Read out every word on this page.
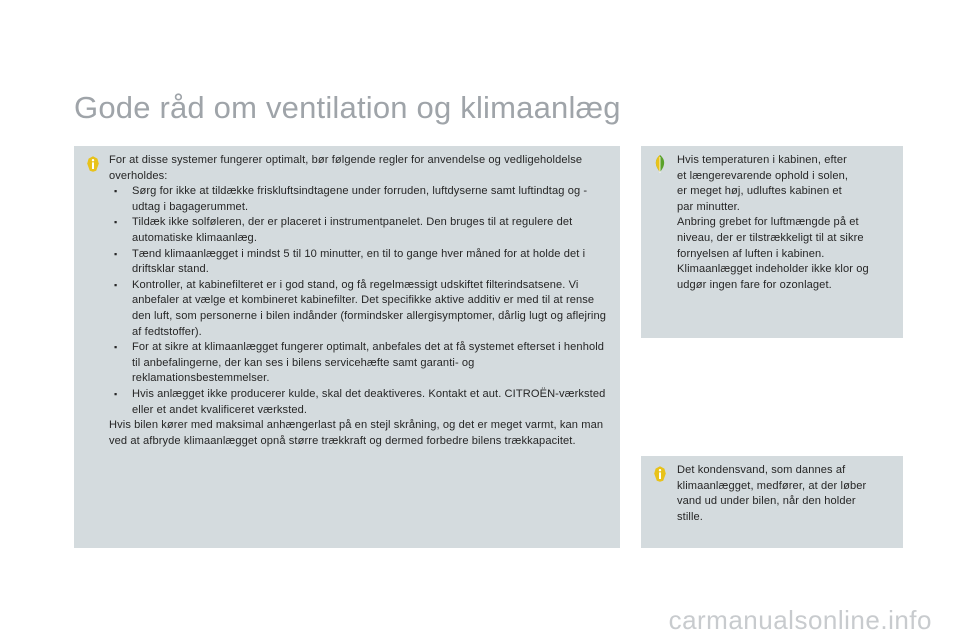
Gode råd om ventilation og klimaanlæg
For at disse systemer fungerer optimalt, bør følgende regler for anvendelse og vedligeholdelse overholdes:
▪ Sørg for ikke at tildække friskluftsindtagene under forruden, luftdyserne samt luftindtag og -udtag i bagagerummet.
▪ Tildæk ikke solføleren, der er placeret i instrumentpanelet. Den bruges til at regulere det automatiske klimaanlæg.
▪ Tænd klimaanlægget i mindst 5 til 10 minutter, en til to gange hver måned for at holde det i driftsklar stand.
▪ Kontroller, at kabinefilteret er i god stand, og få regelmæssigt udskiftet filterindsatsene. Vi anbefaler at vælge et kombineret kabinefilter. Det specifikke aktive additiv er med til at rense den luft, som personerne i bilen indånder (formindsker allergisymptomer, dårlig lugt og aflejring af fedtstoffer).
▪ For at sikre at klimaanlægget fungerer optimalt, anbefales det at få systemet efterset i henhold til anbefalingerne, der kan ses i bilens servicehæfte samt garanti- og reklamationsbestemmelser.
▪ Hvis anlægget ikke producerer kulde, skal det deaktiveres. Kontakt et aut. CITROËN-værksted eller et andet kvalificeret værksted.
Hvis bilen kører med maksimal anhængerlast på en stejl skråning, og det er meget varmt, kan man ved at afbryde klimaanlægget opnå større trækkraft og dermed forbedre bilens trækkapacitet.
Hvis temperaturen i kabinen, efter
et længerevarende ophold i solen,
er meget høj, udluftes kabinen et
par minutter.
Anbring grebet for luftmængde på et
niveau, der er tilstrækkeligt til at sikre
fornyelsen af luften i kabinen.
Klimaanlægget indeholder ikke klor og
udgør ingen fare for ozonlaget.
Det kondensvand, som dannes af
klimaanlægget, medfører, at der løber
vand ud under bilen, når den holder
stille.
carmanualsonline.info
